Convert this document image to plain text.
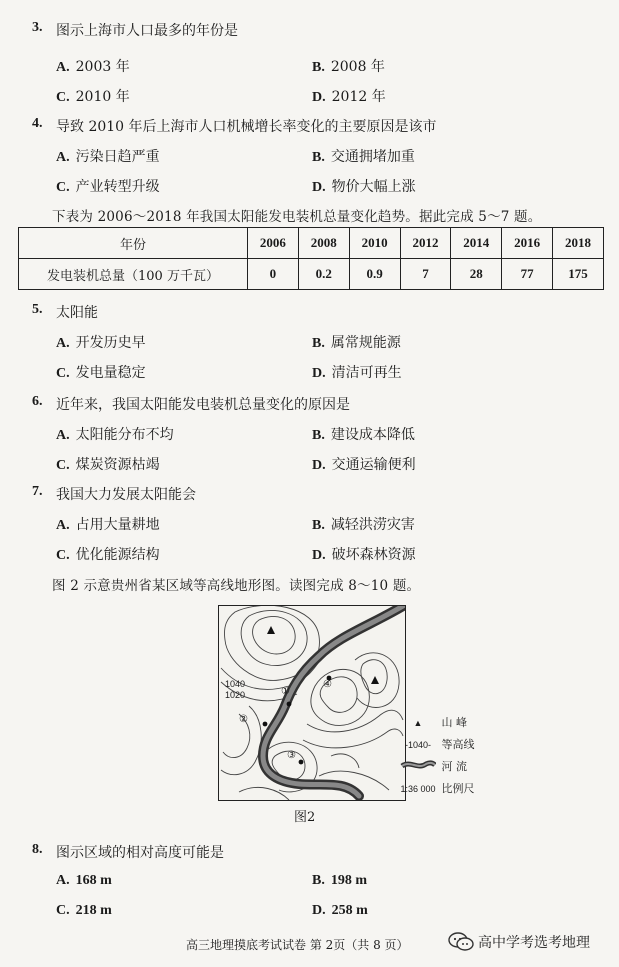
3. 图示上海市人口最多的年份是
A. 2003 年	B. 2008 年
C. 2010 年	D. 2012 年
4. 导致 2010 年后上海市人口机械增长率变化的主要原因是该市
A. 污染日趋严重	B. 交通拥堵加重
C. 产业转型升级	D. 物价大幅上涨
下表为 2006～2018 年我国太阳能发电装机总量变化趋势。据此完成 5～7 题。
年份	2006	2008	2010	2012	2014	2016	2018
发电装机总量（100 万千瓦）	0	0.2	0.9	7	28	77	175
5. 太阳能
A. 开发历史早	B. 属常规能源
C. 发电量稳定	D. 清洁可再生
6. 近年来，我国太阳能发电装机总量变化的原因是
A. 太阳能分布不均	B. 建设成本降低
C. 煤炭资源枯竭	D. 交通运输便利
7. 我国大力发展太阳能会
A. 占用大量耕地	B. 减轻洪涝灾害
C. 优化能源结构	D. 破坏森林资源
图 2 示意贵州省某区域等高线地形图。读图完成 8～10 题。
1040
1020	①
②
③
④
▲ 山 峰
-1040- 等高线
河 流
1:36 000 比例尺
图2
8. 图示区域的相对高度可能是
A. 168 m	B. 198 m
C. 218 m	D. 258 m
高三地理摸底考试试卷 第 2页（共 8 页）	高中学考选考地理
